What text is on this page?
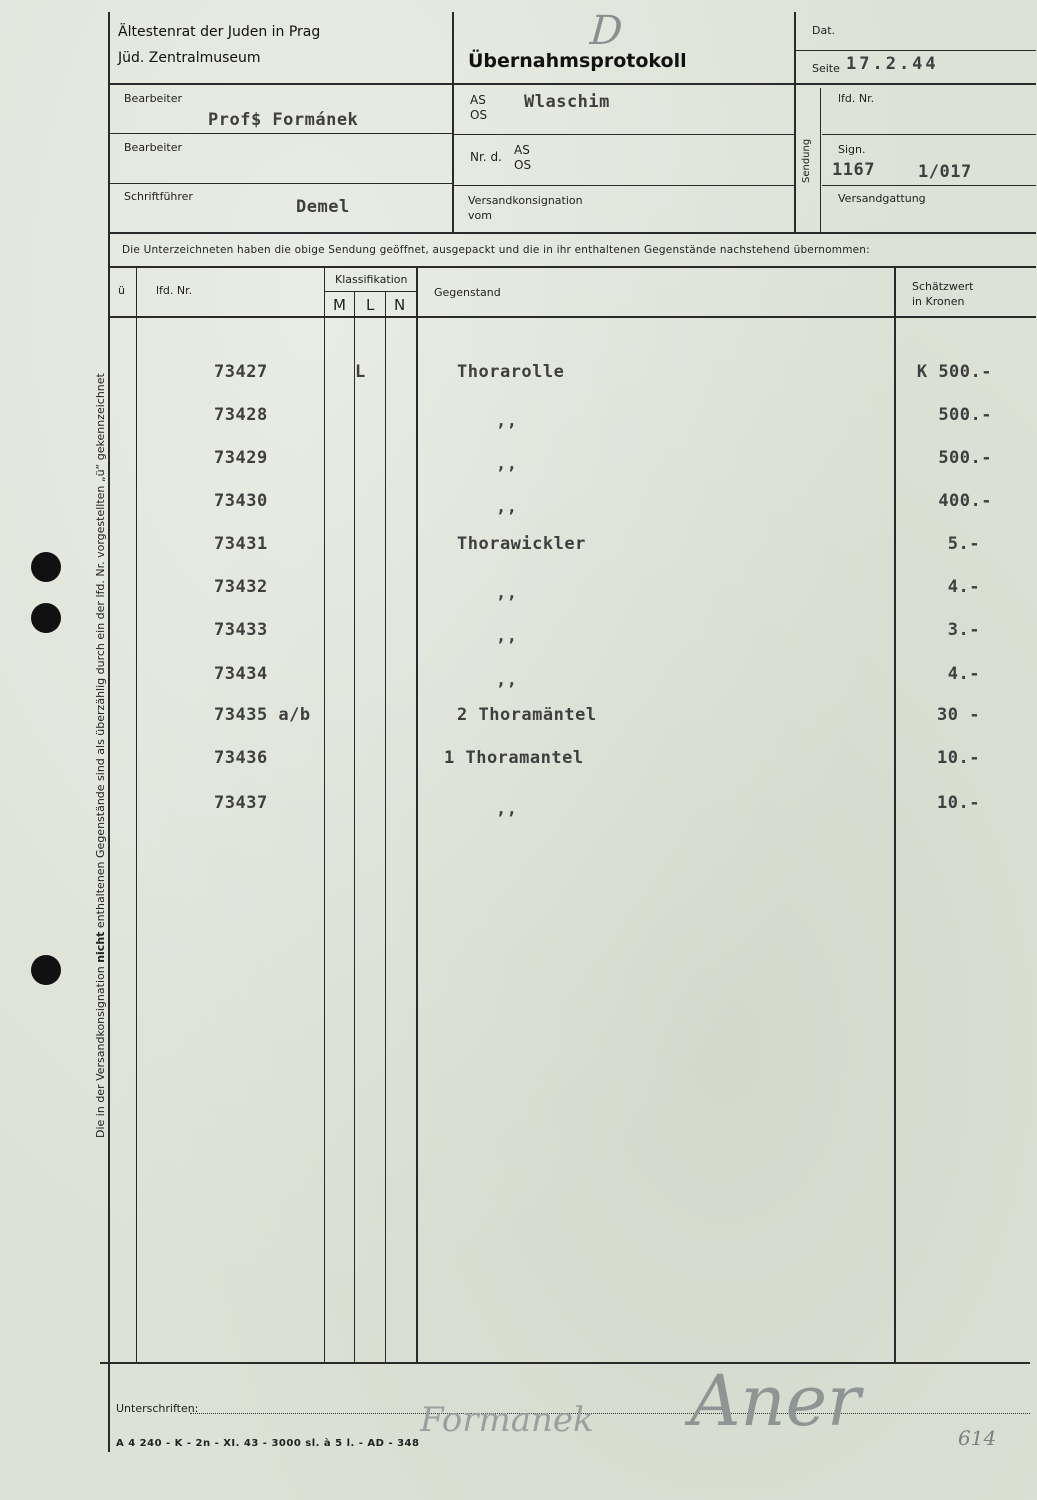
Die in der Versandkonsignation nicht enthaltenen Gegenstände sind als überzählig durch ein der lfd. Nr. vorgestellten „ü“ gekennzeichnet
Ältestenrat der Juden in Prag
Jüd. Zentralmuseum	Übernahmsprotokoll
D	Dat.
Seite 17.2.44
Bearbeiter
Prof$ Formánek
Bearbeiter
Schriftführer
Demel
AS
OS
Wlaschim
Nr. d. AS
OS
Versandkonsignation
vom
Sendung
lfd. Nr.
Sign.
1167	1/017
Versandgattung
Die Unterzeichneten haben die obige Sendung geöffnet, ausgepackt und die in ihr enthaltenen Gegenstände nachstehend übernommen:
ü	lfd. Nr.
Klassifikation
M L N
Gegenstand	Schätzwert
in Kronen
73427	L	Thorarolle	K 500.-
73428	,,	500.-
73429	,,	500.-
73430	,,	400.-
73431	Thorawickler	5.-
73432	,,	4.-
73433	,,	3.-
73434	,,	4.-
73435 a/b	2 Thoramäntel	30 -
73436	1 Thoramantel	10.-
73437	,,	10.-
Unterschriften:
A 4 240 - K - 2n - XI. 43 - 3000 sl. à 5 l. - AD - 348
Formanek Aner	614
